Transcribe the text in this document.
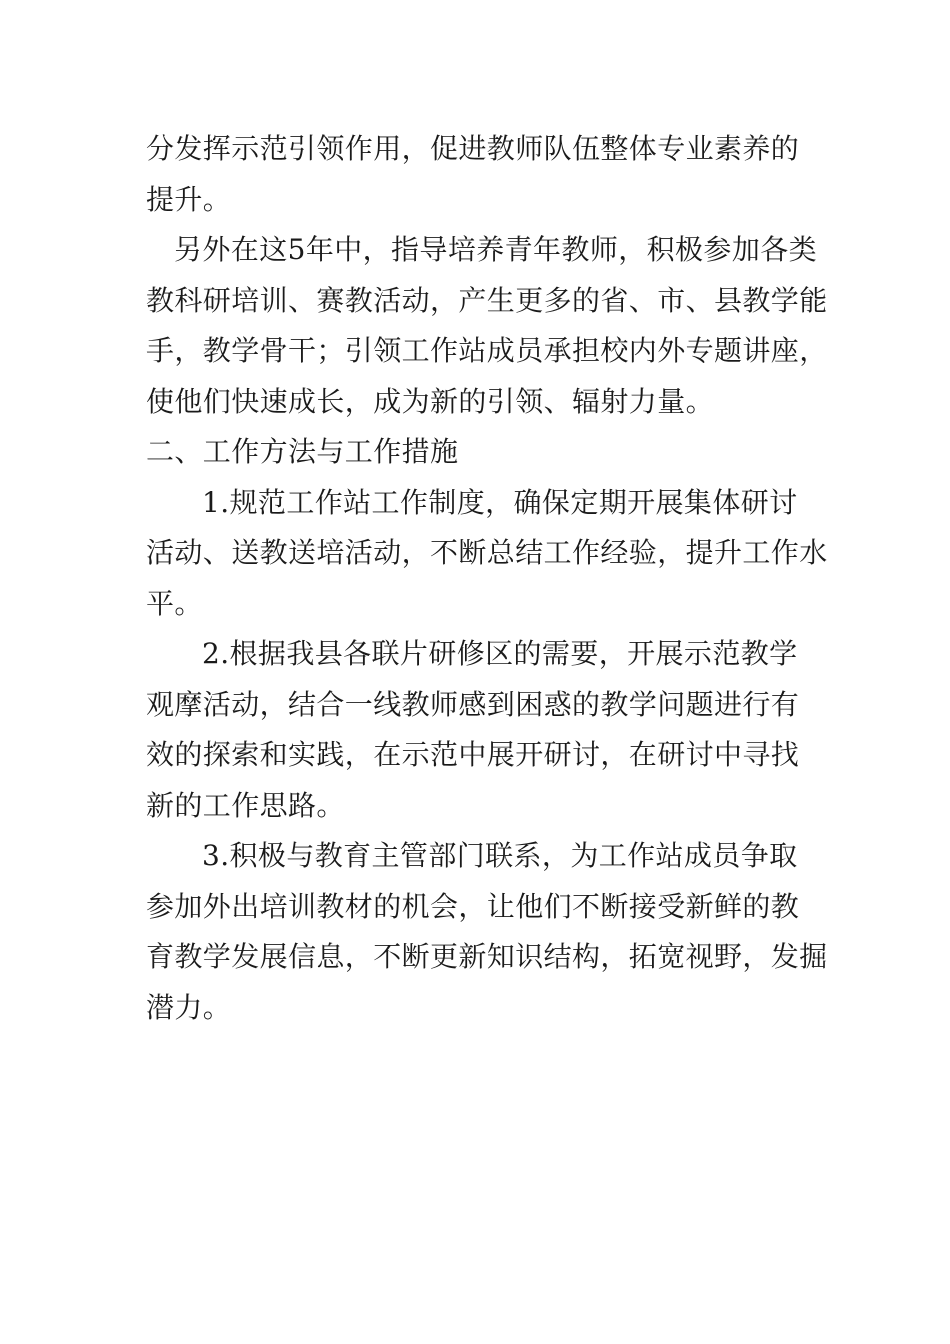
分发挥示范引领作用，促进教师队伍整体专业素养的
提升。
另外在这5年中，指导培养青年教师，积极参加各类
教科研培训、赛教活动，产生更多的省、市、县教学能
手，教学骨干；引领工作站成员承担校内外专题讲座，
使他们快速成长，成为新的引领、辐射力量。
二、工作方法与工作措施
1.规范工作站工作制度，确保定期开展集体研讨
活动、送教送培活动，不断总结工作经验，提升工作水
平。
2.根据我县各联片研修区的需要，开展示范教学
观摩活动，结合一线教师感到困惑的教学问题进行有
效的探索和实践，在示范中展开研讨，在研讨中寻找
新的工作思路。
3.积极与教育主管部门联系，为工作站成员争取
参加外出培训教材的机会，让他们不断接受新鲜的教
育教学发展信息，不断更新知识结构，拓宽视野，发掘
潜力。
